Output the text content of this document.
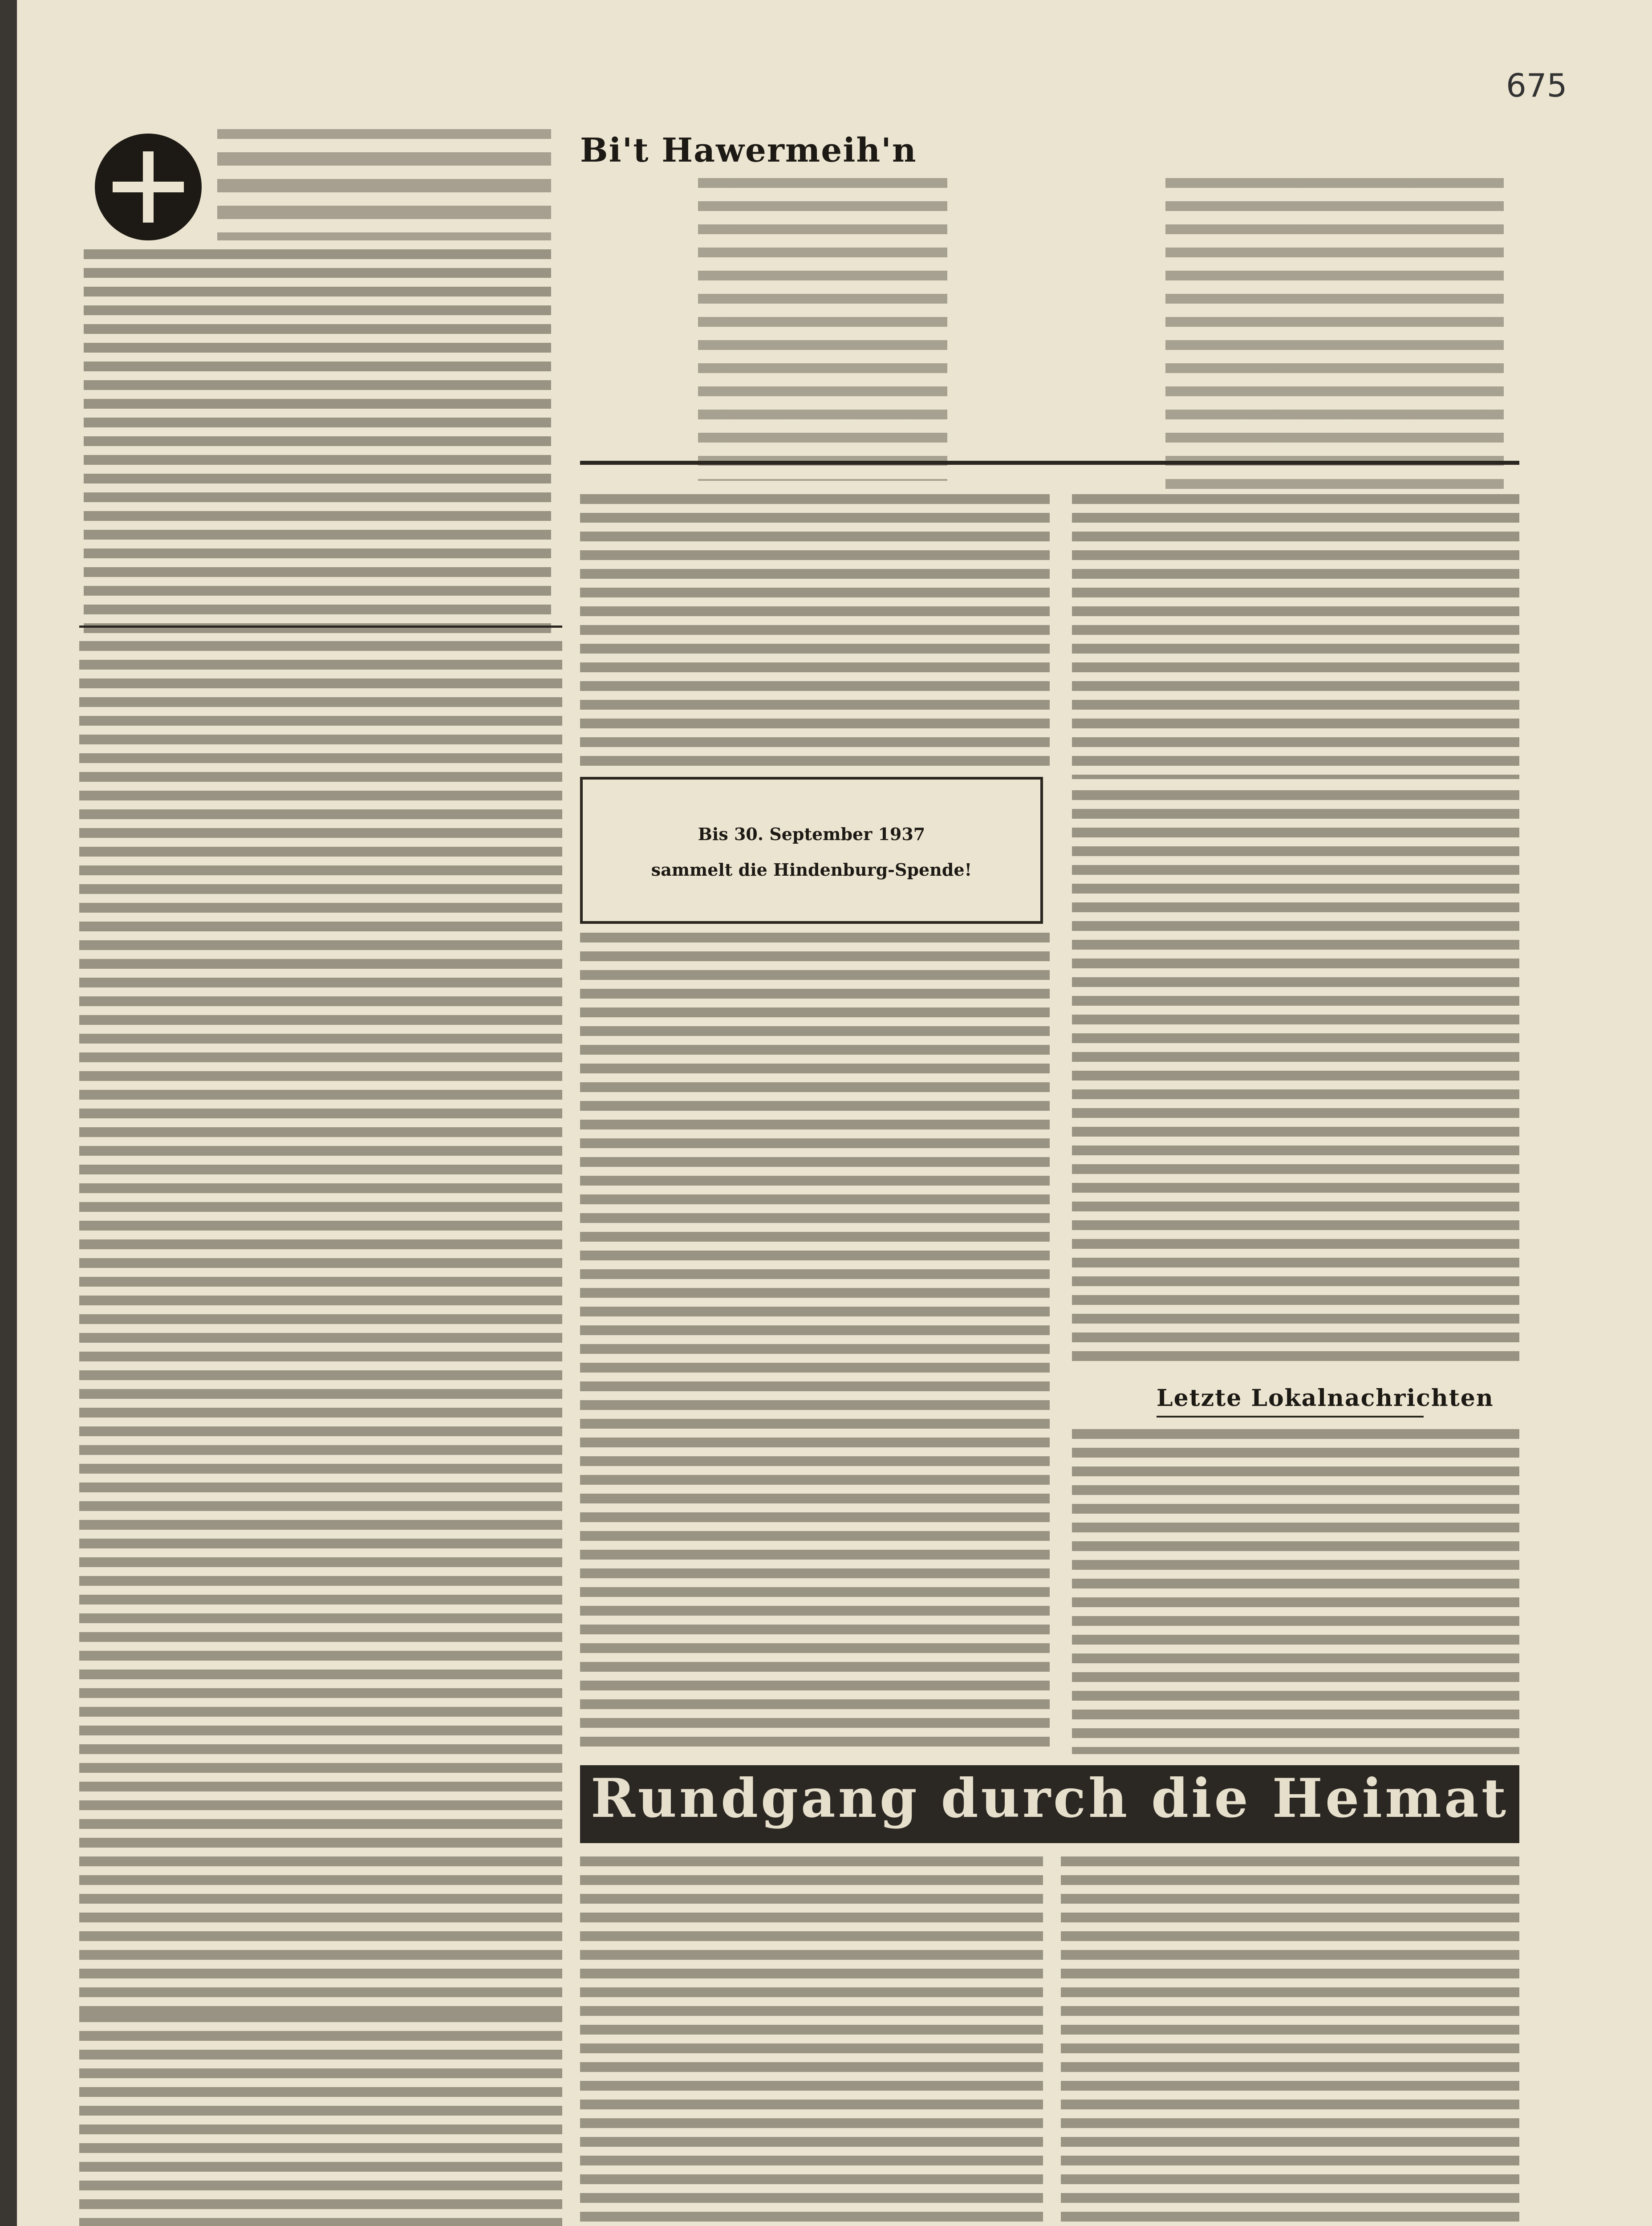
675
Bi't Hawermeih'n
Bis 30. September 1937
sammelt die Hindenburg-Spende!
Letzte Lokalnachrichten
Rundgang durch die Heimat
